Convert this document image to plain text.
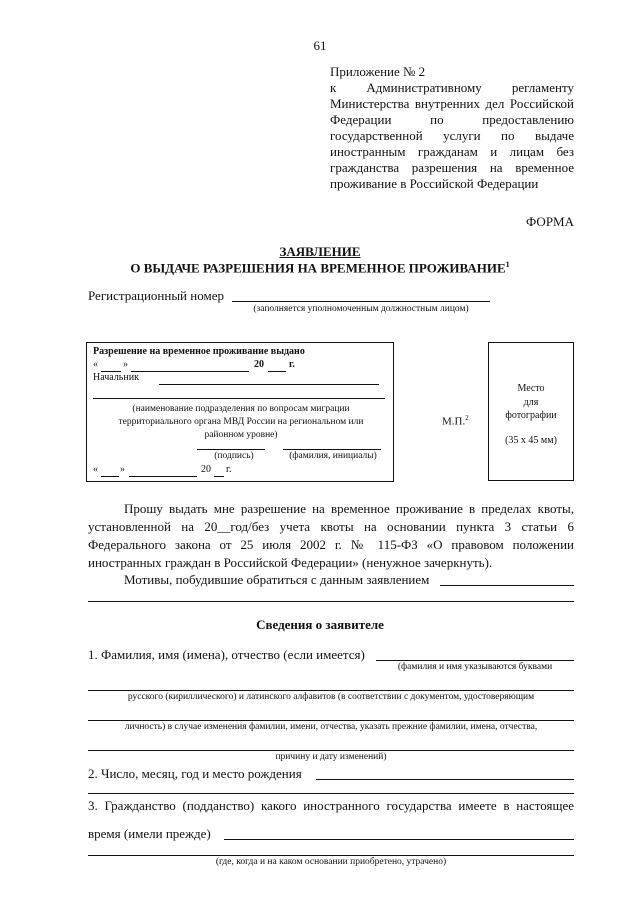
61
Приложение № 2
к Административному регламенту
Министерства внутренних дел Российской
Федерации по предоставлению
государственной услуги по выдаче
иностранным гражданам и лицам без
гражданства разрешения на временное
проживание в Российской Федерации
ФОРМА
ЗАЯВЛЕНИЕ
О ВЫДАЧЕ РАЗРЕШЕНИЯ НА ВРЕМЕННОЕ ПРОЖИВАНИЕ$^1$
Регистрационный номер
(заполняется уполномоченным должностным лицом)
Разрешение на временное проживание выдано
«	»	20	г.
Начальник
(наименование подразделения по вопросам миграции территориального органа МВД России на региональном или районном уровне)
(подпись)	(фамилия, инициалы)
« »	20 г.
М.П.$^2$
Место
для
фотографии
(35 х 45 мм)

Прошу выдать мне разрешение на временное проживание в пределах квоты, установленной на 20__год/без учета квоты на основании пункта 3 статьи 6 Федерального закона от 25 июля 2002 г. № 115-ФЗ «О правовом положении иностранных граждан в Российской Федерации» (ненужное зачеркнуть).

Мотивы, побудившие обратиться с данным заявлением
Сведения о заявителе
1. Фамилия, имя (имена), отчество (если имеется)
(фамилия и имя указываются буквами
русского (кириллического) и латинского алфавитов (в соответствии с документом, удостоверяющим
личность) в случае изменения фамилии, имени, отчества, указать прежние фамилии, имена, отчества,
причину и дату изменений)
2. Число, месяц, год и место рождения
3. Гражданство (подданство) какого иностранного государства имеете в настоящее
время (имели прежде)
(где, когда и на каком основании приобретено, утрачено)
